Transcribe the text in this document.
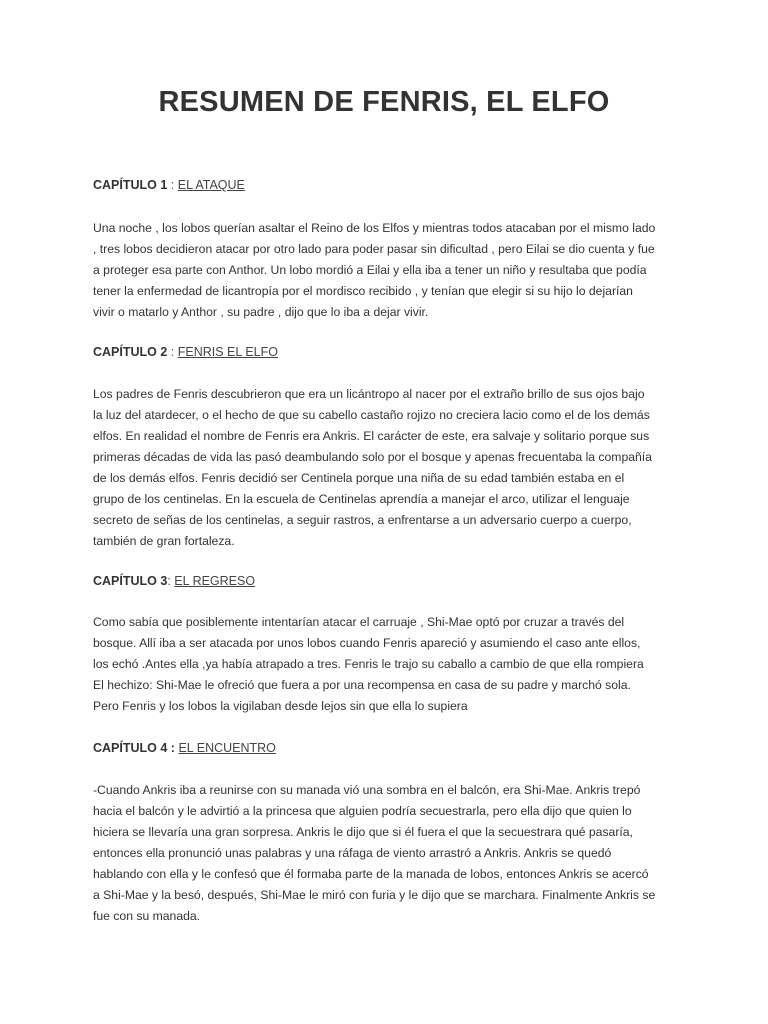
RESUMEN DE FENRIS, EL ELFO
CAPÍTULO 1 : EL ATAQUE
Una noche , los lobos querían asaltar el Reino de los Elfos y mientras todos atacaban por el mismo lado
, tres lobos decidieron atacar por otro lado para poder pasar sin dificultad , pero Eilai se dio cuenta y fue
a proteger esa parte con Anthor. Un lobo mordió a Eilai y ella iba a tener un niño y resultaba que podía
tener la enfermedad de licantropía por el mordisco recibido , y tenían que elegir si su hijo lo dejarían
vivir o matarlo y Anthor , su padre , dijo que lo iba a dejar vivir.
CAPÍTULO 2 : FENRIS EL ELFO
Los padres de Fenris descubrieron que era un licántropo al nacer por el extraño brillo de sus ojos bajo
la luz del atardecer, o el hecho de que su cabello castaño rojizo no creciera lacio como el de los demás
elfos. En realidad el nombre de Fenris era Ankris. El carácter de este, era salvaje y solitario porque sus
primeras décadas de vida las pasó deambulando solo por el bosque y apenas frecuentaba la compañía
de los demás elfos. Fenris decidió ser Centinela porque una niña de su edad también estaba en el
grupo de los centinelas. En la escuela de Centinelas aprendía a manejar el arco, utilizar el lenguaje
secreto de señas de los centinelas, a seguir rastros, a enfrentarse a un adversario cuerpo a cuerpo,
también de gran fortaleza.
CAPÍTULO 3: EL REGRESO
Como sabía que posiblemente intentarían atacar el carruaje , Shi-Mae optó por cruzar a través del
bosque. Allí iba a ser atacada por unos lobos cuando Fenris apareció y asumiendo el caso ante ellos,
los echó .Antes ella ,ya había atrapado a tres. Fenris le trajo su caballo a cambio de que ella rompiera
El hechizo: Shi-Mae le ofreció que fuera a por una recompensa en casa de su padre y marchó sola.
Pero Fenris y los lobos la vigilaban desde lejos sin que ella lo supiera
CAPÍTULO 4 : EL ENCUENTRO
-Cuando Ankris iba a reunirse con su manada vió una sombra en el balcón, era Shi-Mae. Ankris trepó
hacia el balcón y le advirtió a la princesa que alguien podría secuestrarla, pero ella dijo que quien lo
hiciera se llevaría una gran sorpresa. Ankris le dijo que si él fuera el que la secuestrara qué pasaría,
entonces ella pronunció unas palabras y una ráfaga de viento arrastró a Ankris. Ankris se quedó
hablando con ella y le confesó que él formaba parte de la manada de lobos, entonces Ankris se acercó
a Shi-Mae y la besó, después, Shi-Mae le miró con furia y le dijo que se marchara. Finalmente Ankris se
fue con su manada.
